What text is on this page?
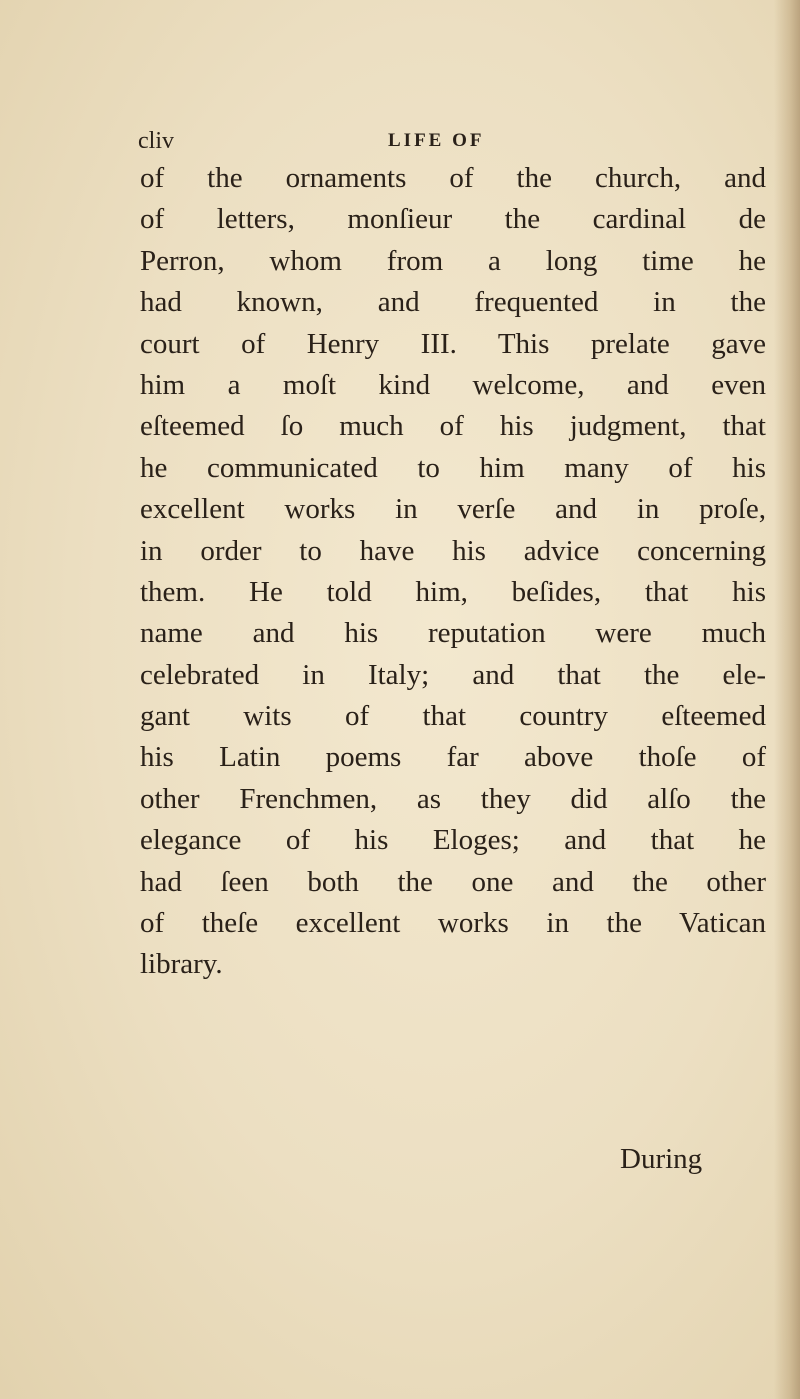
cliv	LIFE OF
of the ornaments of the church, and
of letters, monſieur the cardinal de
Perron, whom from a long time he
had known, and frequented in the
court of Henry III. This prelate gave
him a moſt kind welcome, and even
eſteemed ſo much of his judgment, that
he communicated to him many of his
excellent works in verſe and in proſe,
in order to have his advice concerning
them. He told him, beſides, that his
name and his reputation were much
celebrated in Italy; and that the ele-
gant wits of that country eſteemed
his Latin poems far above thoſe of
other Frenchmen, as they did alſo the
elegance of his Eloges; and that he
had ſeen both the one and the other
of theſe excellent works in the Vatican
library.
During
